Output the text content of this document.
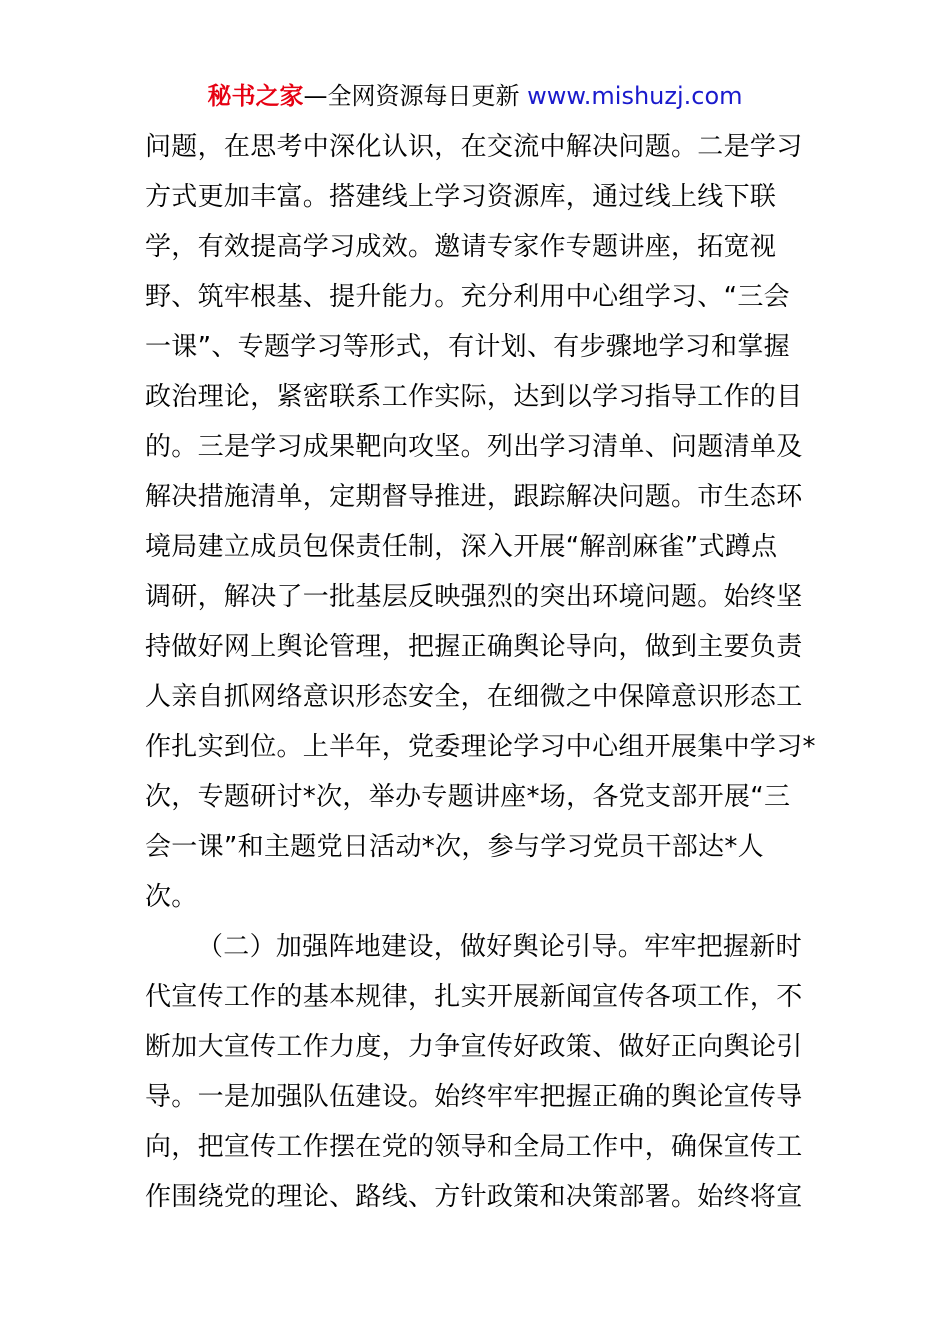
秘书之家—全网资源每日更新 www.mishuzj.com
问题，在思考中深化认识，在交流中解决问题。二是学习
方式更加丰富。搭建线上学习资源库，通过线上线下联
学，有效提高学习成效。邀请专家作专题讲座，拓宽视
野、筑牢根基、提升能力。充分利用中心组学习、“三会
一课”、专题学习等形式，有计划、有步骤地学习和掌握
政治理论，紧密联系工作实际，达到以学习指导工作的目
的。三是学习成果靶向攻坚。列出学习清单、问题清单及
解决措施清单，定期督导推进，跟踪解决问题。市生态环
境局建立成员包保责任制，深入开展“解剖麻雀”式蹲点
调研，解决了一批基层反映强烈的突出环境问题。始终坚
持做好网上舆论管理，把握正确舆论导向，做到主要负责
人亲自抓网络意识形态安全，在细微之中保障意识形态工
作扎实到位。上半年，党委理论学习中心组开展集中学习*
次，专题研讨*次，举办专题讲座*场，各党支部开展“三
会一课”和主题党日活动*次，参与学习党员干部达*人
次。
（二）加强阵地建设，做好舆论引导。牢牢把握新时
代宣传工作的基本规律，扎实开展新闻宣传各项工作，不
断加大宣传工作力度，力争宣传好政策、做好正向舆论引
导。一是加强队伍建设。始终牢牢把握正确的舆论宣传导
向，把宣传工作摆在党的领导和全局工作中，确保宣传工
作围绕党的理论、路线、方针政策和决策部署。始终将宣
